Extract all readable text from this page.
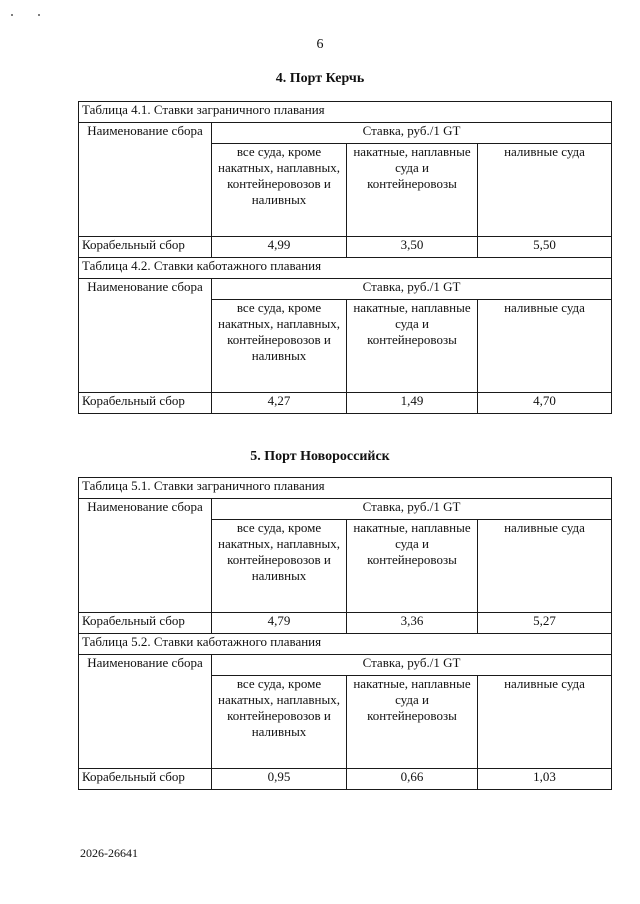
6
4. Порт Керчь
Таблица 4.1. Ставки заграничного плавания			
Наименование сбора	Ставка, руб./1 GT		
	все суда, кроме накатных, наплавных, контейнеровозов и наливных	накатные, наплавные суда и контейнеровозы	наливные суда
Корабельный сбор	4,99	3,50	5,50
Таблица 4.2. Ставки каботажного плавания			
Наименование сбора	Ставка, руб./1 GT		
	все суда, кроме накатных, наплавных, контейнеровозов и наливных	накатные, наплавные суда и контейнеровозы	наливные суда
Корабельный сбор	4,27	1,49	4,70
5. Порт Новороссийск
Таблица 5.1. Ставки заграничного плавания			
Наименование сбора	Ставка, руб./1 GT		
	все суда, кроме накатных, наплавных, контейнеровозов и наливных	накатные, наплавные суда и контейнеровозы	наливные суда
Корабельный сбор	4,79	3,36	5,27
Таблица 5.2. Ставки каботажного плавания			
Наименование сбора	Ставка, руб./1 GT		
	все суда, кроме накатных, наплавных, контейнеровозов и наливных	накатные, наплавные суда и контейнеровозы	наливные суда
Корабельный сбор	0,95	0,66	1,03
2026-26641
